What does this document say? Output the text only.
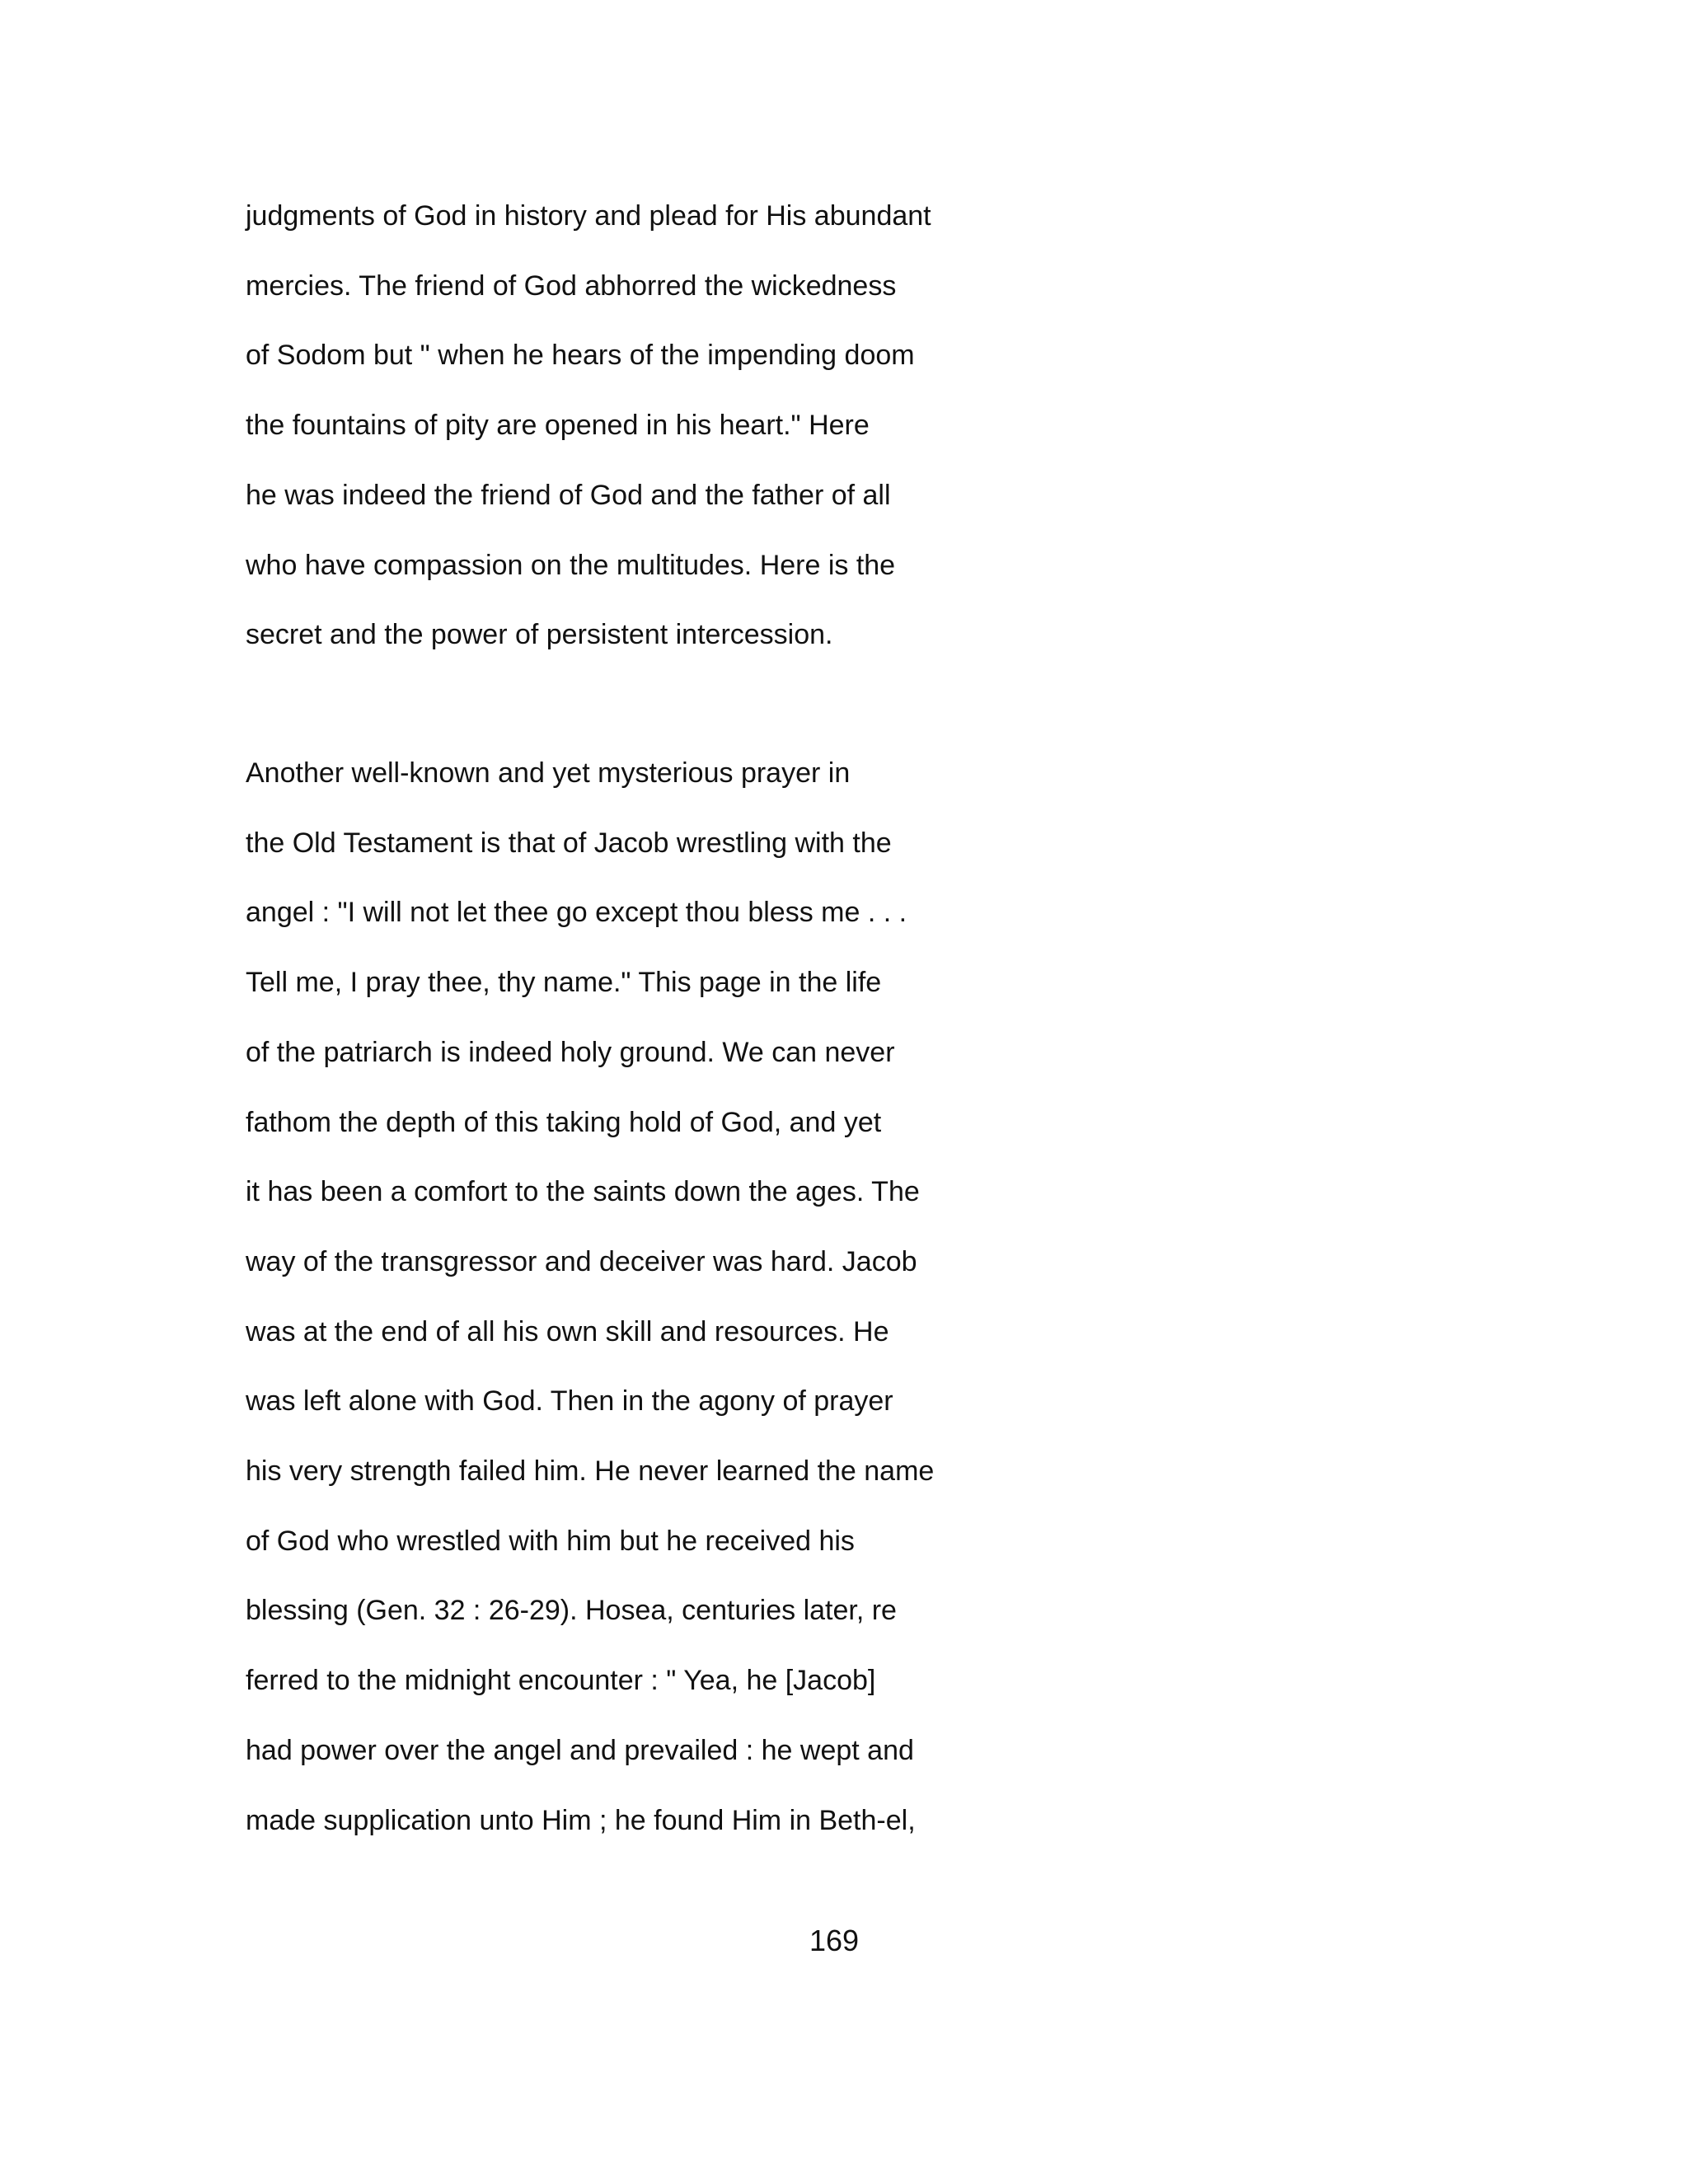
judgments of God in history and plead for His abundant
mercies. The friend of God abhorred the wickedness
of Sodom but " when he hears of the impending doom
the fountains of pity are opened in his heart." Here
he was indeed the friend of God and the father of all
who have compassion on the multitudes. Here is the
secret and the power of persistent intercession.
Another well-known and yet mysterious prayer in
the Old Testament is that of Jacob wrestling with the
angel : "I will not let thee go except thou bless me . . .
Tell me, I pray thee, thy name." This page in the life
of the patriarch is indeed holy ground. We can never
fathom the depth of this taking hold of God, and yet
it has been a comfort to the saints down the ages. The
way of the transgressor and deceiver was hard. Jacob
was at the end of all his own skill and resources. He
was left alone with God. Then in the agony of prayer
his very strength failed him. He never learned the name
of God who wrestled with him but he received his
blessing (Gen. 32 : 26-29). Hosea, centuries later, re
ferred to the midnight encounter : " Yea, he [Jacob]
had power over the angel and prevailed : he wept and
made supplication unto Him ; he found Him in Beth-el,
169
